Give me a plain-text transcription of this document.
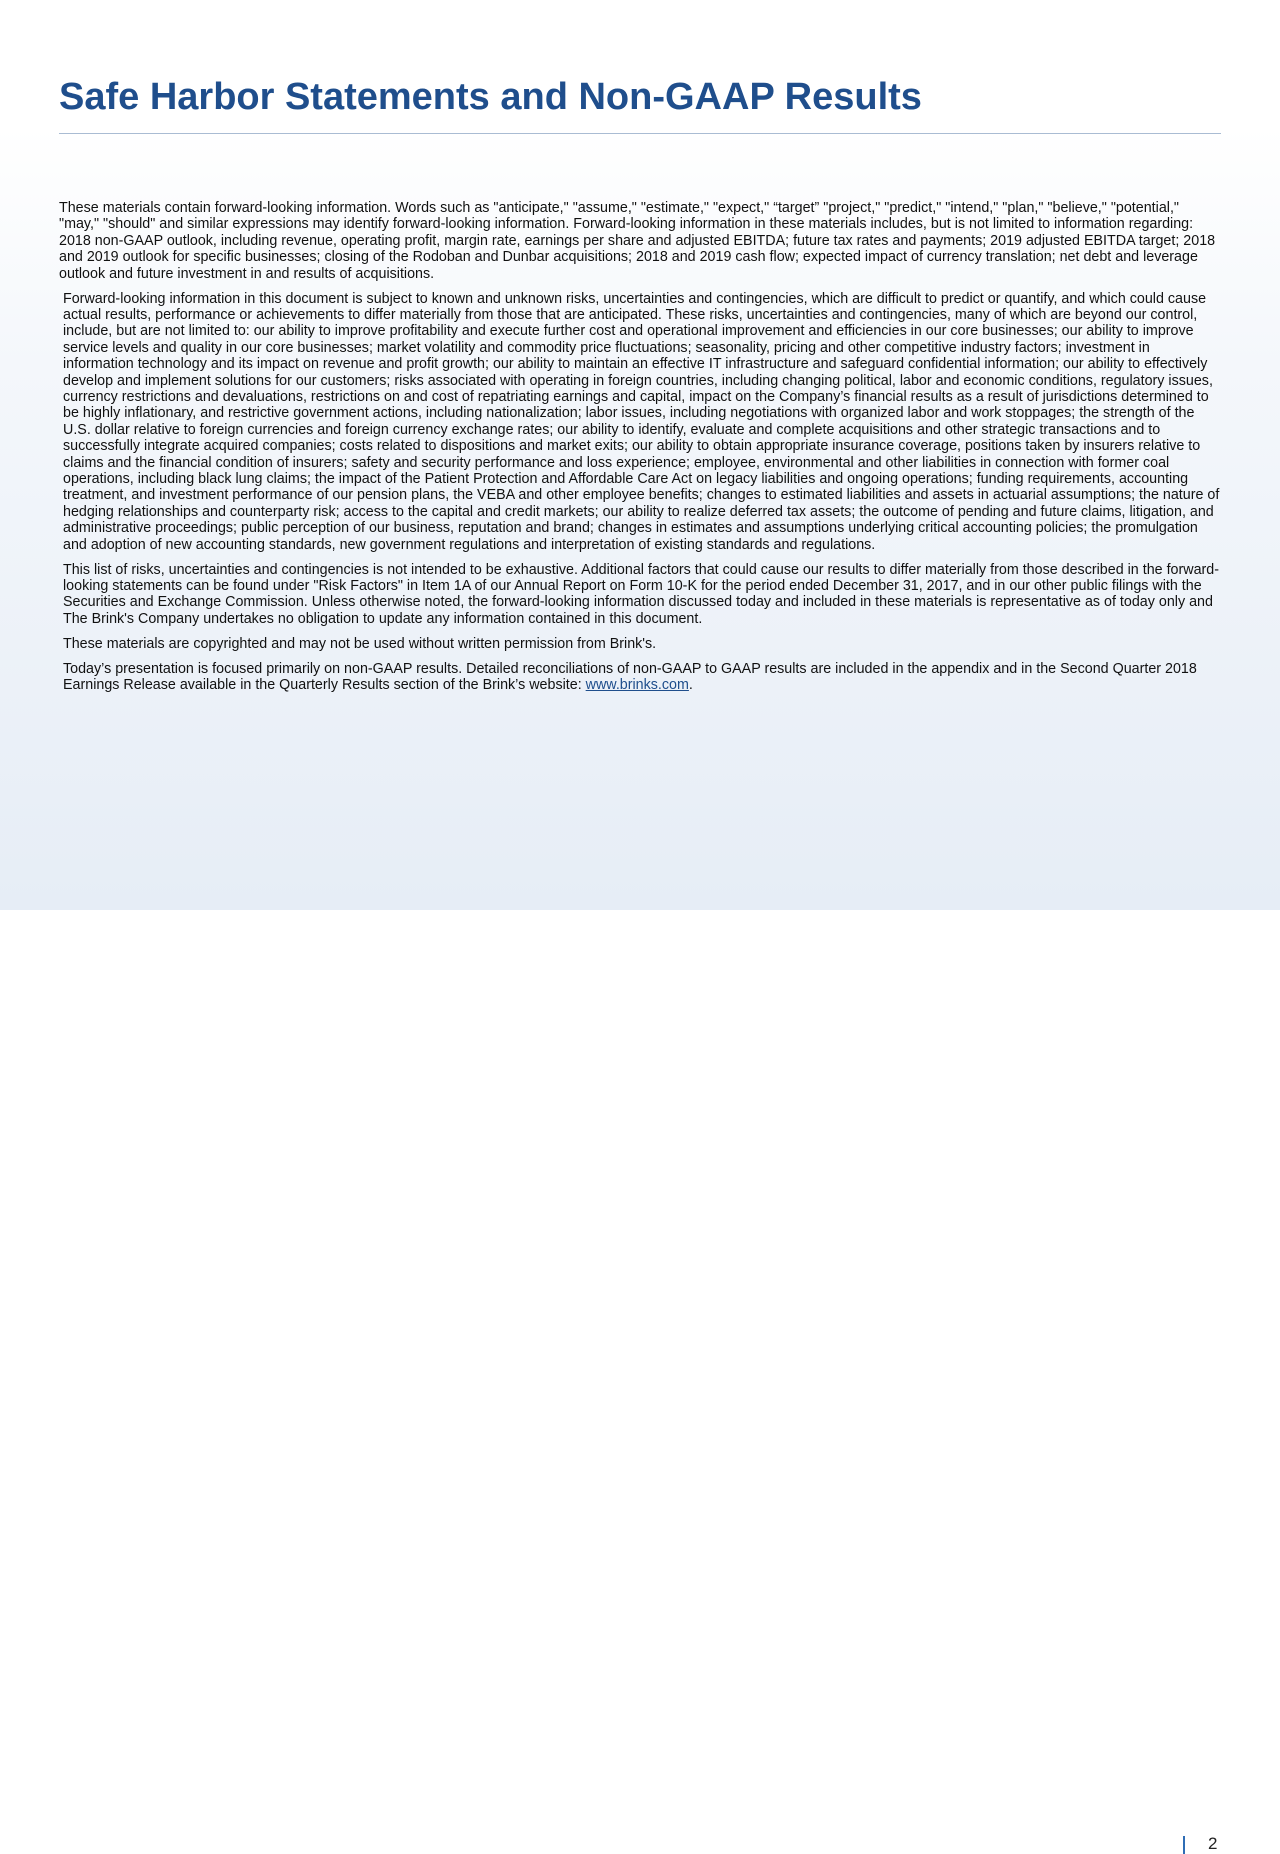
Safe Harbor Statements and Non-GAAP Results

These materials contain forward-looking information. Words such as "anticipate," "assume," "estimate," "expect," “target” "project," "predict," "intend," "plan," "believe," "potential," "may," "should" and similar expressions may identify forward-looking information. Forward-looking information in these materials includes, but is not limited to information regarding: 2018 non-GAAP outlook, including revenue, operating profit, margin rate, earnings per share and adjusted EBITDA; future tax rates and payments; 2019 adjusted EBITDA target; 2018 and 2019 outlook for specific businesses; closing of the Rodoban and Dunbar acquisitions; 2018 and 2019 cash flow; expected impact of currency translation; net debt and leverage outlook and future investment in and results of acquisitions.

Forward-looking information in this document is subject to known and unknown risks, uncertainties and contingencies, which are difficult to predict or quantify, and which could cause actual results, performance or achievements to differ materially from those that are anticipated. These risks, uncertainties and contingencies, many of which are beyond our control, include, but are not limited to: our ability to improve profitability and execute further cost and operational improvement and efficiencies in our core businesses; our ability to improve service levels and quality in our core businesses; market volatility and commodity price fluctuations; seasonality, pricing and other competitive industry factors; investment in information technology and its impact on revenue and profit growth; our ability to maintain an effective IT infrastructure and safeguard confidential information; our ability to effectively develop and implement solutions for our customers; risks associated with operating in foreign countries, including changing political, labor and economic conditions, regulatory issues, currency restrictions and devaluations, restrictions on and cost of repatriating earnings and capital, impact on the Company’s financial results as a result of jurisdictions determined to be highly inflationary, and restrictive government actions, including nationalization; labor issues, including negotiations with organized labor and work stoppages; the strength of the U.S. dollar relative to foreign currencies and foreign currency exchange rates; our ability to identify, evaluate and complete acquisitions and other strategic transactions and to successfully integrate acquired companies; costs related to dispositions and market exits; our ability to obtain appropriate insurance coverage, positions taken by insurers relative to claims and the financial condition of insurers; safety and security performance and loss experience; employee, environmental and other liabilities in connection with former coal operations, including black lung claims; the impact of the Patient Protection and Affordable Care Act on legacy liabilities and ongoing operations; funding requirements, accounting treatment, and investment performance of our pension plans, the VEBA and other employee benefits; changes to estimated liabilities and assets in actuarial assumptions; the nature of hedging relationships and counterparty risk; access to the capital and credit markets; our ability to realize deferred tax assets; the outcome of pending and future claims, litigation, and administrative proceedings; public perception of our business, reputation and brand; changes in estimates and assumptions underlying critical accounting policies; the promulgation and adoption of new accounting standards, new government regulations and interpretation of existing standards and regulations.

This list of risks, uncertainties and contingencies is not intended to be exhaustive. Additional factors that could cause our results to differ materially from those described in the forward-looking statements can be found under "Risk Factors" in Item 1A of our Annual Report on Form 10-K for the period ended December 31, 2017, and in our other public filings with the Securities and Exchange Commission. Unless otherwise noted, the forward-looking information discussed today and included in these materials is representative as of today only and The Brink's Company undertakes no obligation to update any information contained in this document.

These materials are copyrighted and may not be used without written permission from Brink's.

Today’s presentation is focused primarily on non-GAAP results. Detailed reconciliations of non-GAAP to GAAP results are included in the appendix and in the Second Quarter 2018 Earnings Release available in the Quarterly Results section of the Brink’s website: www.brinks.com.

2
